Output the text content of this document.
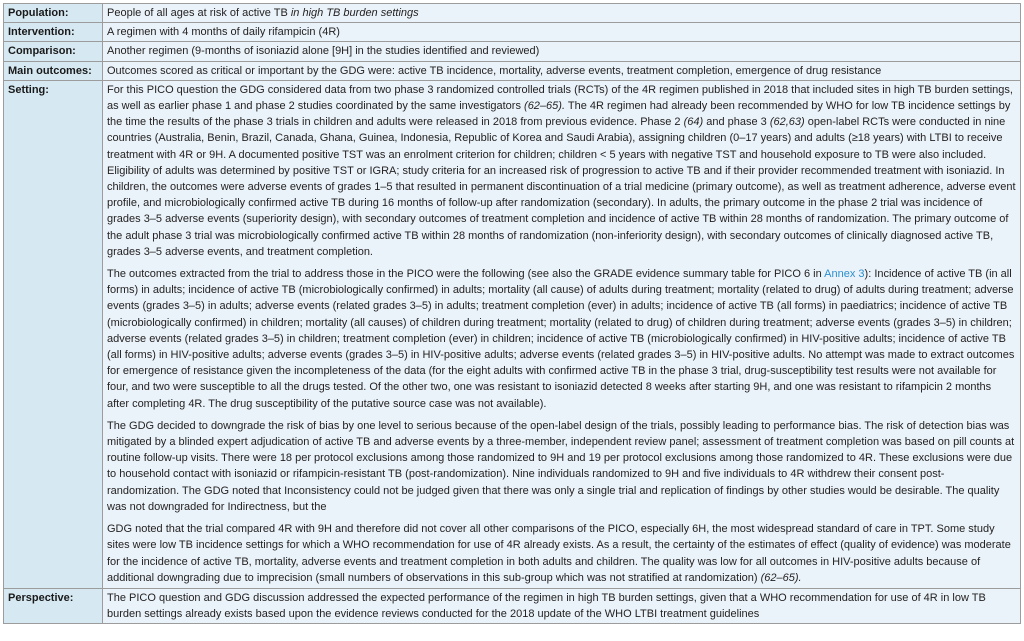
Population:	People of all ages at risk of active TB in high TB burden settings
Intervention:	A regimen with 4 months of daily rifampicin (4R)
Comparison:	Another regimen (9-months of isoniazid alone [9H] in the studies identified and reviewed)
Main outcomes:	Outcomes scored as critical or important by the GDG were: active TB incidence, mortality, adverse events, treatment completion, emergence of drug resistance
Setting:	For this PICO question the GDG considered data from two phase 3 randomized controlled trials (RCTs) of the 4R regimen published in 2018 that included sites in high TB burden settings, as well as earlier phase 1 and phase 2 studies coordinated by the same investigators (62–65). The 4R regimen had already been recommended by WHO for low TB incidence settings by the time the results of the phase 3 trials in children and adults were released in 2018 from previous evidence. Phase 2 (64) and phase 3 (62,63) open-label RCTs were conducted in nine countries (Australia, Benin, Brazil, Canada, Ghana, Guinea, Indonesia, Republic of Korea and Saudi Arabia), assigning children (0–17 years) and adults (≥18 years) with LTBI to receive treatment with 4R or 9H. A documented positive TST was an enrolment criterion for children; children < 5 years with negative TST and household exposure to TB were also included. Eligibility of adults was determined by positive TST or IGRA; study criteria for an increased risk of progression to active TB and if their provider recommended treatment with isoniazid. In children, the outcomes were adverse events of grades 1–5 that resulted in permanent discontinuation of a trial medicine (primary outcome), as well as treatment adherence, adverse event profile, and microbiologically confirmed active TB during 16 months of follow-up after randomization (secondary). In adults, the primary outcome in the phase 2 trial was incidence of grades 3–5 adverse events (superiority design), with secondary outcomes of treatment completion and incidence of active TB within 28 months of randomization. The primary outcome of the adult phase 3 trial was microbiologically confirmed active TB within 28 months of randomization (non-inferiority design), with secondary outcomes of clinically diagnosed active TB, grades 3–5 adverse events, and treatment completion.

The outcomes extracted from the trial to address those in the PICO were the following (see also the GRADE evidence summary table for PICO 6 in Annex 3): Incidence of active TB (in all forms) in adults; incidence of active TB (microbiologically confirmed) in adults; mortality (all cause) of adults during treatment; mortality (related to drug) of adults during treatment; adverse events (grades 3–5) in adults; adverse events (related grades 3–5) in adults; treatment completion (ever) in adults; incidence of active TB (all forms) in paediatrics; incidence of active TB (microbiologically confirmed) in children; mortality (all causes) of children during treatment; mortality (related to drug) of children during treatment; adverse events (grades 3–5) in children; adverse events (related grades 3–5) in children; treatment completion (ever) in children; incidence of active TB (microbiologically confirmed) in HIV-positive adults; incidence of active TB (all forms) in HIV-positive adults; adverse events (grades 3–5) in HIV-positive adults; adverse events (related grades 3–5) in HIV-positive adults. No attempt was made to extract outcomes for emergence of resistance given the incompleteness of the data (for the eight adults with confirmed active TB in the phase 3 trial, drug-susceptibility test results were not available for four, and two were susceptible to all the drugs tested. Of the other two, one was resistant to isoniazid detected 8 weeks after starting 9H, and one was resistant to rifampicin 2 months after completing 4R. The drug susceptibility of the putative source case was not available).

The GDG decided to downgrade the risk of bias by one level to serious because of the open-label design of the trials, possibly leading to performance bias. The risk of detection bias was mitigated by a blinded expert adjudication of active TB and adverse events by a three-member, independent review panel; assessment of treatment completion was based on pill counts at routine follow-up visits. There were 18 per protocol exclusions among those randomized to 9H and 19 per protocol exclusions among those randomized to 4R. These exclusions were due to household contact with isoniazid or rifampicin-resistant TB (post-randomization). Nine individuals randomized to 9H and five individuals to 4R withdrew their consent post-randomization. The GDG noted that Inconsistency could not be judged given that there was only a single trial and replication of findings by other studies would be desirable. The quality was not downgraded for Indirectness, but the

GDG noted that the trial compared 4R with 9H and therefore did not cover all other comparisons of the PICO, especially 6H, the most widespread standard of care in TPT. Some study sites were low TB incidence settings for which a WHO recommendation for use of 4R already exists. As a result, the certainty of the estimates of effect (quality of evidence) was moderate for the incidence of active TB, mortality, adverse events and treatment completion in both adults and children. The quality was low for all outcomes in HIV-positive adults because of additional downgrading due to imprecision (small numbers of observations in this sub-group which was not stratified at randomization) (62–65).

Perspective:	The PICO question and GDG discussion addressed the expected performance of the regimen in high TB burden settings, given that a WHO recommendation for use of 4R in low TB burden settings already exists based upon the evidence reviews conducted for the 2018 update of the WHO LTBI treatment guidelines
